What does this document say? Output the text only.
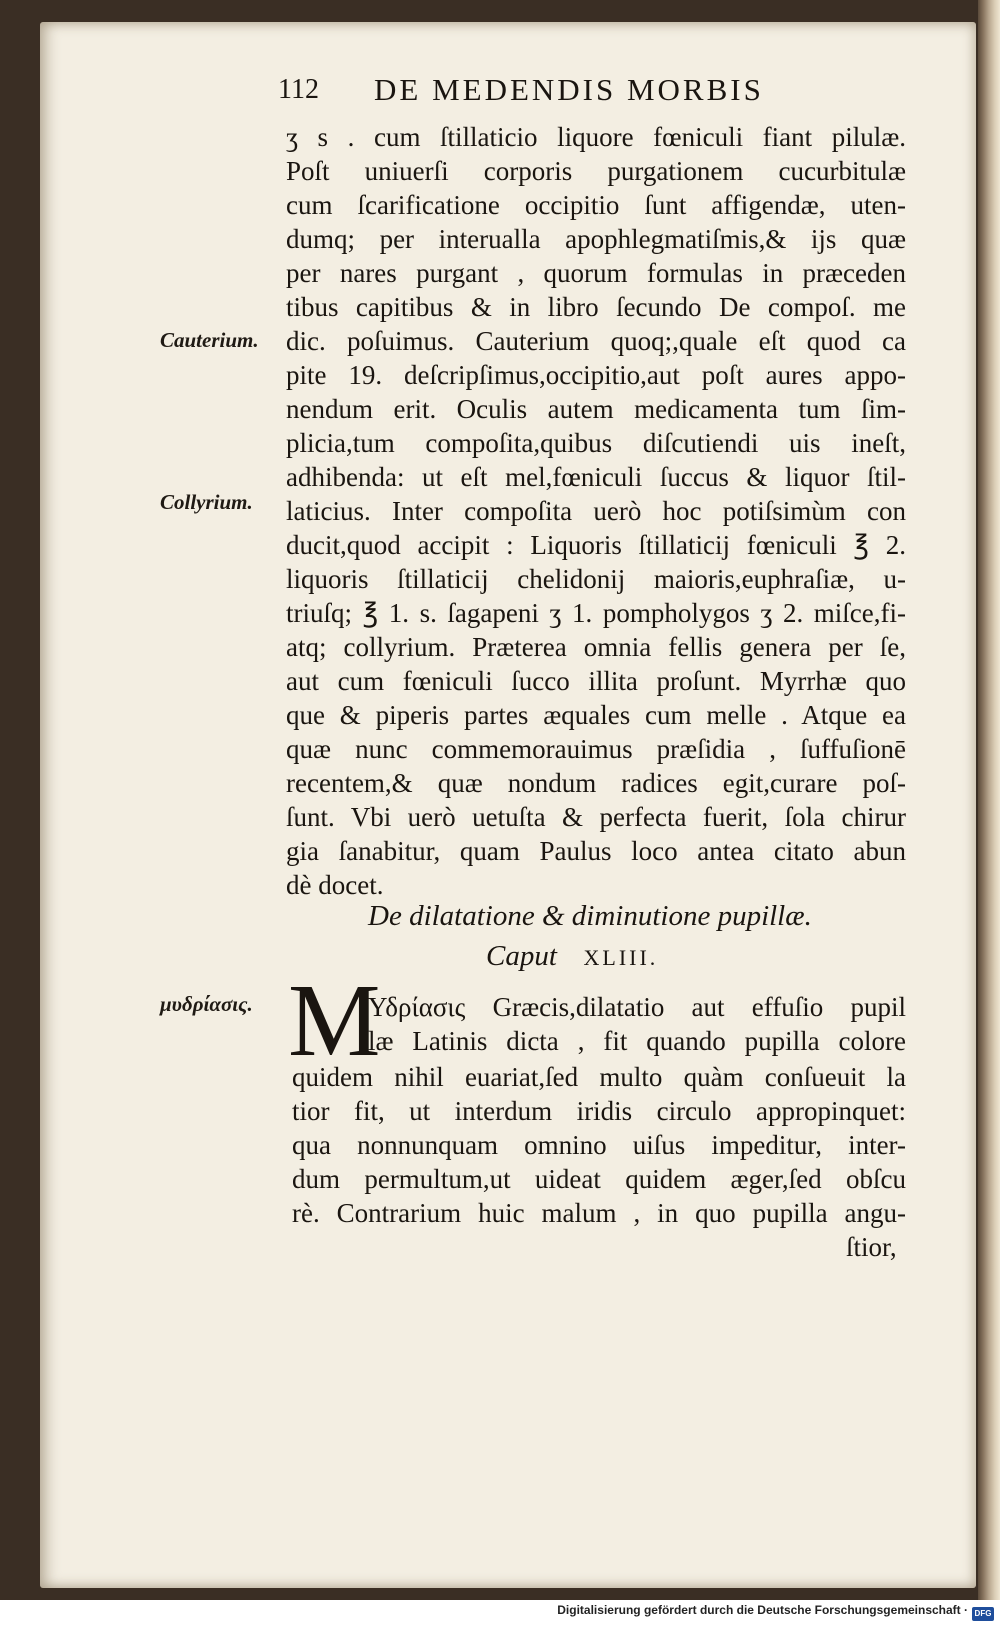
112 DE MEDENDIS MORBIS
ʒ s . cum ſtillaticio liquore fœniculi fiant pilulæ.
Poſt uniuerſi corporis purgationem cucurbitulæ
cum ſcarificatione occipitio ſunt affigendæ, uten-
dumq; per interualla apophlegmatiſmis,& ijs quæ
per nares purgant , quorum formulas in præceden
tibus capitibus & in libro ſecundo De compoſ. me
dic. poſuimus. Cauterium quoq;,quale eſt quod ca
pite 19. deſcripſimus,occipitio,aut poſt aures appo-
nendum erit. Oculis autem medicamenta tum ſim-
plicia,tum compoſita,quibus diſcutiendi uis ineſt,
adhibenda: ut eſt mel,fœniculi ſuccus & liquor ſtil-
laticius. Inter compoſita uerò hoc potiſsimùm con
ducit,quod accipit : Liquoris ſtillaticij fœniculi ℥ 2.
liquoris ſtillaticij chelidonij maioris,euphraſiæ, u-
triuſq; ℥ 1. s. ſagapeni ʒ 1. pompholygos ʒ 2. miſce,fi-
atq; collyrium. Præterea omnia fellis genera per ſe,
aut cum fœniculi ſucco illita proſunt. Myrrhæ quo
que & piperis partes æquales cum melle . Atque ea
quæ nunc commemorauimus præſidia , ſuffuſionē
recentem,& quæ nondum radices egit,curare poſ-
ſunt. Vbi uerò uetuſta & perfecta fuerit, ſola chirur
gia ſanabitur, quam Paulus loco antea citato abun
dè docet.
Cauterium.
Collyrium.
μυδρίασις.
De dilatatione & diminutione pupillæ.
Caput XLIII.
M
Υδρίασις Græcis,dilatatio aut effuſio pupil
læ Latinis dicta , fit quando pupilla colore
quidem nihil euariat,ſed multo quàm conſueuit la
tior fit, ut interdum iridis circulo appropinquet:
qua nonnunquam omnino uiſus impeditur, inter-
dum permultum,ut uideat quidem æger,ſed obſcu
rè. Contrarium huic malum , in quo pupilla angu-
ſtior,
Digitalisierung gefördert durch die Deutsche Forschungsgemeinschaft · DFG
